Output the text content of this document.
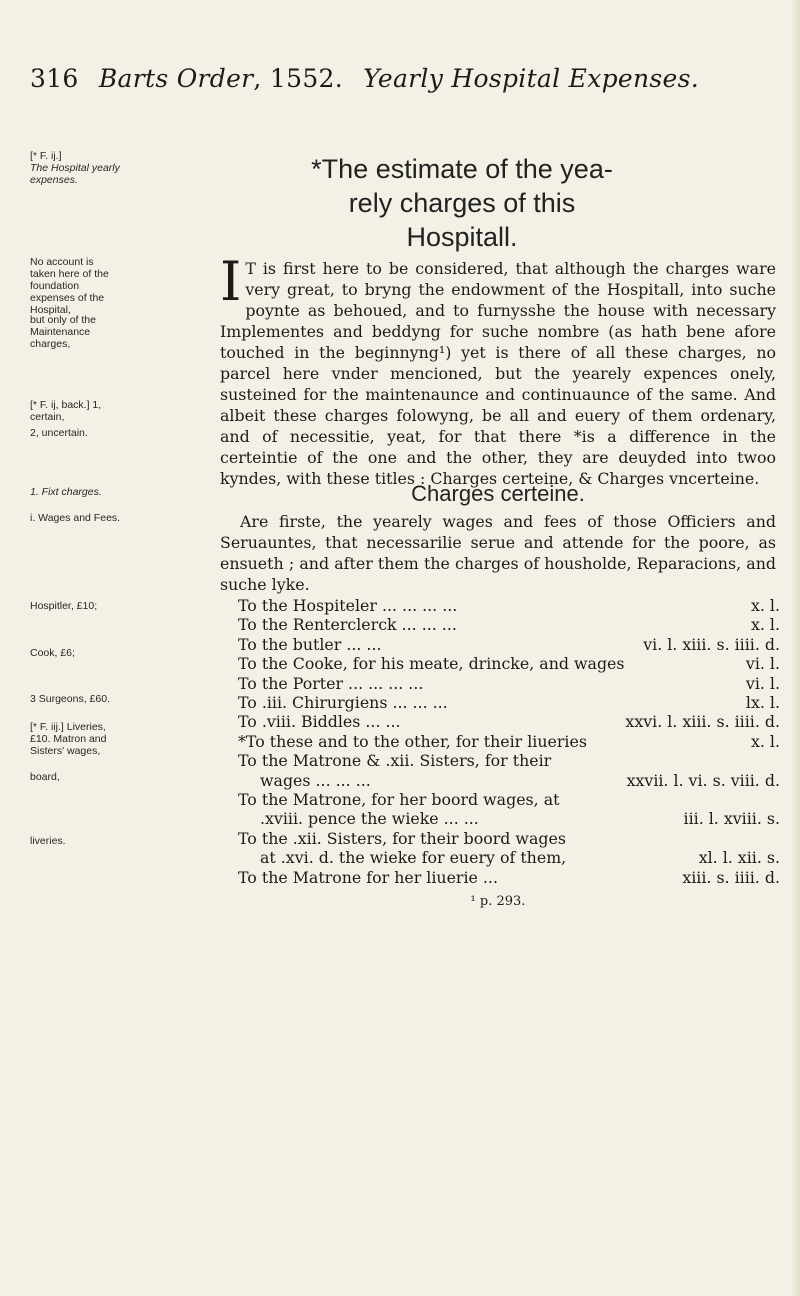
316 Barts Order, 1552. Yearly Hospital Expenses.
[* F. ij.]
The Hospital yearly expenses.
No account is taken here of the foundation expenses of the Hospital,
but only of the Maintenance charges,
[* F. ij, back.] 1, certain,
2, uncertain.
1. Fixt charges.
i. Wages and Fees.
Hospitler, £10;
Cook, £6;
3 Surgeons, £60.
[* F. iij.] Liveries, £10. Matron and Sisters' wages,
board,
liveries.
*The estimate of the yea-
rely charges of this
Hospitall.
I T is first here to be considered, that although the charges ware very great, to bryng the endowment of the Hospitall, into suche poynte as behoued, and to furnysshe the house with necessary Implementes and beddyng for suche nombre (as hath bene afore touched in the beginnyng¹) yet is there of all these charges, no parcel here vnder mencioned, but the yearely expences onely, susteined for the maintenaunce and continuaunce of the same. And albeit these charges folowyng, be all and euery of them ordenary, and of necessitie, yeat, for that there *is a difference in the certeintie of the one and the other, they are deuyded into twoo kyndes, with these titles : Charges certeine, & Charges vncerteine.
Charges certeine.
Are firste, the yearely wages and fees of those Officiers and Seruauntes, that necessarilie serue and attende for the poore, as ensueth ; and after them the charges of housholde, Reparacions, and suche lyke.
To the Hospiteler ... ... ... ...	x. l.
To the Renterclerck ... ... ...	x. l.
To the butler ... ...	vi. l. xiii. s. iiii. d.
To the Cooke, for his meate, drincke, and wages	vi. l.
To the Porter ... ... ... ...	vi. l.
To .iii. Chirurgiens ... ... ...	lx. l.
To .viii. Biddles ... ...	xxvi. l. xiii. s. iiii. d.
*To these and to the other, for their liueries	x. l.
To the Matrone & .xii. Sisters, for their
wages ... ... ...	xxvii. l. vi. s. viii. d.
To the Matrone, for her boord wages, at
.xviii. pence the wieke ... ...	iii. l. xviii. s.
To the .xii. Sisters, for their boord wages
at .xvi. d. the wieke for euery of them,	xl. l. xii. s.
To the Matrone for her liuerie ...	xiii. s. iiii. d.
¹ p. 293.
